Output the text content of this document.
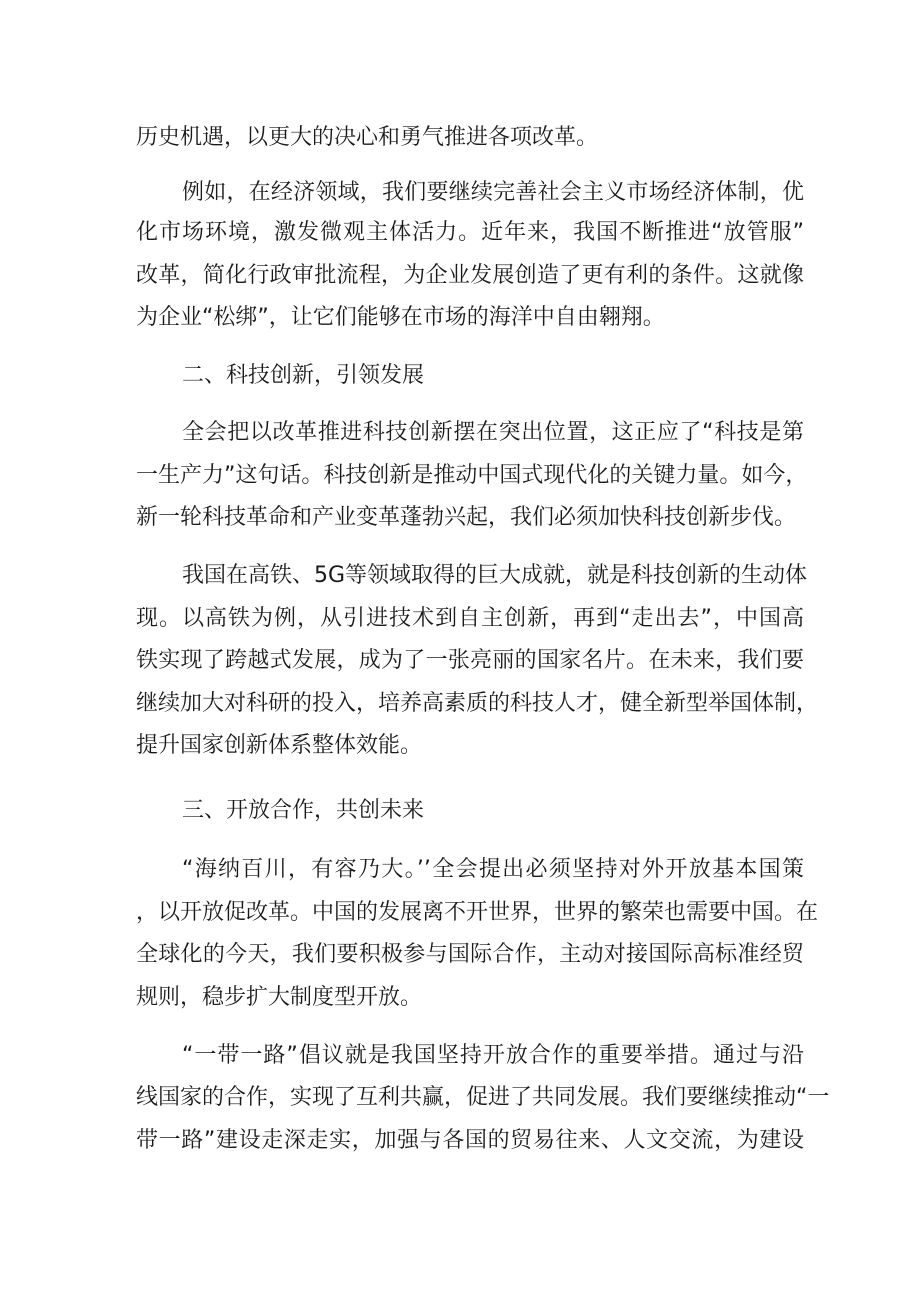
历史机遇，以更大的决心和勇气推进各项改革。
例如，在经济领域，我们要继续完善社会主义市场经济体制，优
化市场环境，激发微观主体活力。近年来，我国不断推进“放管服”
改革，简化行政审批流程，为企业发展创造了更有利的条件。这就像
为企业“松绑”，让它们能够在市场的海洋中自由翱翔。
二、科技创新，引领发展
全会把以改革推进科技创新摆在突出位置，这正应了“科技是第
一生产力”这句话。科技创新是推动中国式现代化的关键力量。如今，
新一轮科技革命和产业变革蓬勃兴起，我们必须加快科技创新步伐。
我国在高铁、5G等领域取得的巨大成就，就是科技创新的生动体
现。以高铁为例，从引进技术到自主创新，再到“走出去”，中国高
铁实现了跨越式发展，成为了一张亮丽的国家名片。在未来，我们要
继续加大对科研的投入，培养高素质的科技人才，健全新型举国体制，
提升国家创新体系整体效能。
三、开放合作，共创未来
“海纳百川，有容乃大。’’全会提出必须坚持对外开放基本国策
，以开放促改革。中国的发展离不开世界，世界的繁荣也需要中国。在
全球化的今天，我们要积极参与国际合作，主动对接国际高标准经贸
规则，稳步扩大制度型开放。
“一带一路”倡议就是我国坚持开放合作的重要举措。通过与沿
线国家的合作，实现了互利共赢，促进了共同发展。我们要继续推动“一
带一路”建设走深走实，加强与各国的贸易往来、人文交流，为建设
